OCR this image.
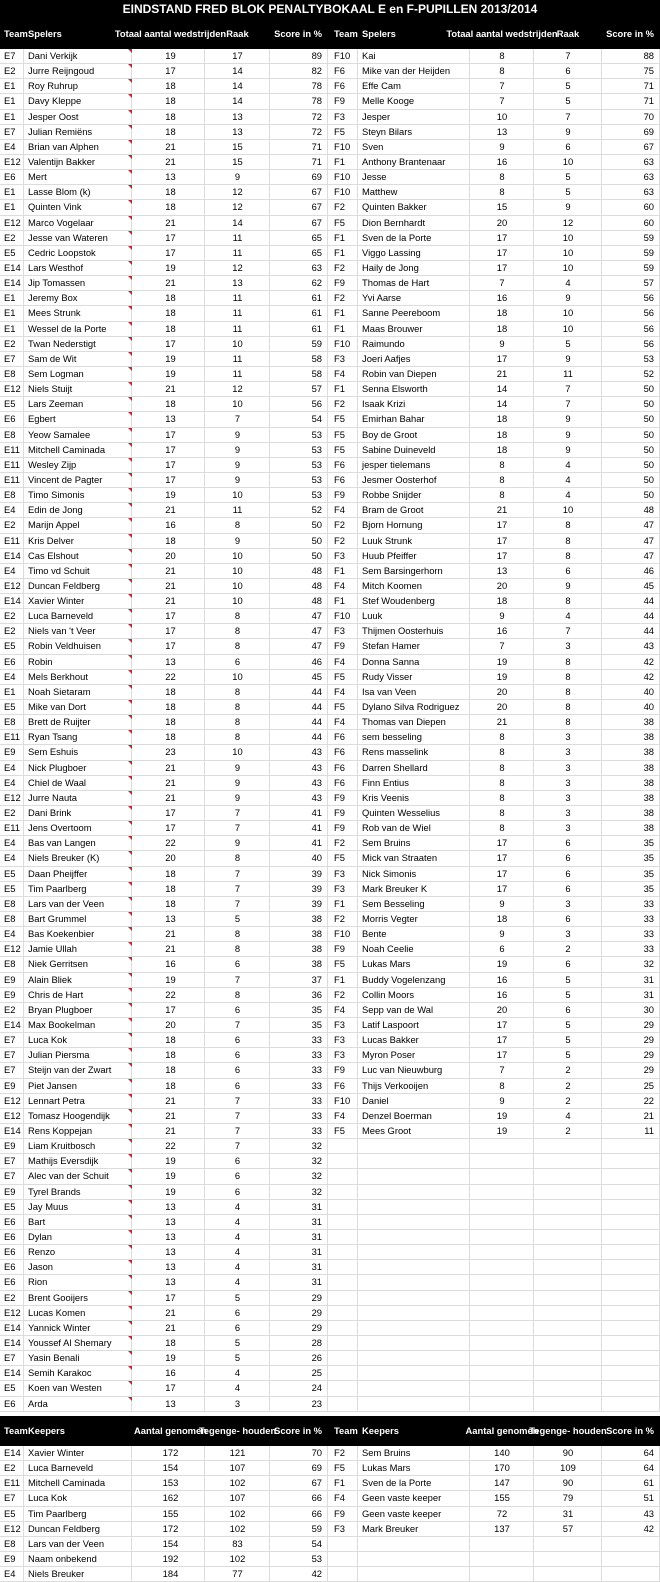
EINDSTAND FRED BLOK PENALTYBOKAAL E en F-PUPILLEN 2013/2014
Team Spelers	Totaal aantal wedstrijden Raak	Score in % Team Spelers	Totaal aantal wedstrijden Raak	Score in %
E7	Dani Verkijk	19	17	89 F10	Kai	8	7	88
E2	Jurre Reijngoud	17	14	82 F6	Mike van der Heijden	8	6	75
E1	Roy Ruhrup	18	14	78 F6	Effe Cam	7	5	71
E1	Davy Kleppe	18	14	78 F9	Melle Kooge	7	5	71
E1	Jesper Oost	18	13	72 F3	Jesper	10	7	70
E7	Julian Remiëns	18	13	72 F5	Steyn Bilars	13	9	69
E4	Brian van Alphen	21	15	71 F10	Sven	9	6	67
E12 Valentijn Bakker	21	15	71 F1	Anthony Brantenaar	16	10	63
E6	Mert	13	9	69 F10	Jesse	8	5	63
E1	Lasse Blom (k)	18	12	67 F10	Matthew	8	5	63
E1	Quinten Vink	18	12	67 F2	Quinten Bakker	15	9	60
E12 Marco Vogelaar	21	14	67 F5	Dion Bernhardt	20	12	60
E2	Jesse van Wateren	17	11	65 F1	Sven de la Porte	17	10	59
E5	Cedric Loopstok	17	11	65 F1	Viggo Lassing	17	10	59
E14 Lars Westhof	19	12	63 F2	Haily de Jong	17	10	59
E14 Jip Tomassen	21	13	62 F9	Thomas de Hart	7	4	57
E1	Jeremy Box	18	11	61 F2	Yvi Aarse	16	9	56
E1	Mees Strunk	18	11	61 F1	Sanne Peereboom	18	10	56
E1	Wessel de la Porte	18	11	61 F1	Maas Brouwer	18	10	56
E2	Twan Nederstigt	17	10	59 F10	Raimundo	9	5	56
E7	Sam de Wit	19	11	58 F3	Joeri Aafjes	17	9	53
E8	Sem Logman	19	11	58 F4	Robin van Diepen	21	11	52
E12 Niels Stuijt	21	12	57 F1	Senna Elsworth	14	7	50
E5	Lars Zeeman	18	10	56 F2	Isaak Krizi	14	7	50
E6	Egbert	13	7	54 F5	Emirhan Bahar	18	9	50
E8	Yeow Samalee	17	9	53 F5	Boy de Groot	18	9	50
E11 Mitchell Caminada	17	9	53 F5	Sabine Duineveld	18	9	50
E11 Wesley Zijp	17	9	53 F6	jesper tielemans	8	4	50
E11 Vincent de Pagter	17	9	53 F6	Jesmer Oosterhof	8	4	50
E8	Timo Simonis	19	10	53 F9	Robbe Snijder	8	4	50
E4	Edin de Jong	21	11	52 F4	Bram de Groot	21	10	48
E2	Marijn Appel	16	8	50 F2	Bjorn Hornung	17	8	47
E11 Kris Delver	18	9	50 F2	Luuk Strunk	17	8	47
E14 Cas Elshout	20	10	50 F3	Huub Pfeiffer	17	8	47
E4	Timo vd Schuit	21	10	48 F1	Sem Barsingerhorn	13	6	46
E12 Duncan Feldberg	21	10	48 F4	Mitch Koomen	20	9	45
E14 Xavier Winter	21	10	48 F1	Stef Woudenberg	18	8	44
E2	Luca Barneveld	17	8	47 F10	Luuk	9	4	44
E2	Niels van 't Veer	17	8	47 F3	Thijmen Oosterhuis	16	7	44
E5	Robin Veldhuisen	17	8	47 F9	Stefan Hamer	7	3	43
E6	Robin	13	6	46 F4	Donna Sanna	19	8	42
E4	Mels Berkhout	22	10	45 F5	Rudy Visser	19	8	42
E1	Noah Sietaram	18	8	44 F4	Isa van Veen	20	8	40
E5	Mike van Dort	18	8	44 F5	Dylano Silva Rodriguez	20	8	40
E8	Brett de Ruijter	18	8	44 F4	Thomas van Diepen	21	8	38
E11 Ryan Tsang	18	8	44 F6	sem besseling	8	3	38
E9	Sem Eshuis	23	10	43 F6	Rens masselink	8	3	38
E4	Nick Plugboer	21	9	43 F6	Darren Shellard	8	3	38
E4	Chiel de Waal	21	9	43 F6	Finn Entius	8	3	38
E12 Jurre Nauta	21	9	43 F9	Kris Veenis	8	3	38
E2	Dani Brink	17	7	41 F9	Quinten Wesselius	8	3	38
E11 Jens Overtoom	17	7	41 F9	Rob van de Wiel	8	3	38
E4	Bas van Langen	22	9	41 F2	Sem Bruins	17	6	35
E4	Niels Breuker (K)	20	8	40 F5	Mick van Straaten	17	6	35
E5	Daan Pheijffer	18	7	39 F3	Nick Simonis	17	6	35
E5	Tim Paarlberg	18	7	39 F3	Mark Breuker K	17	6	35
E8	Lars van der Veen	18	7	39 F1	Sem Besseling	9	3	33
E8	Bart Grummel	13	5	38 F2	Morris Vegter	18	6	33
E4	Bas Koekenbier	21	8	38 F10	Bente	9	3	33
E12 Jamie Ullah	21	8	38 F9	Noah Ceelie	6	2	33
E8	Niek Gerritsen	16	6	38 F5	Lukas Mars	19	6	32
E9	Alain Bliek	19	7	37 F1	Buddy Vogelenzang	16	5	31
E9	Chris de Hart	22	8	36 F2	Collin Moors	16	5	31
E2	Bryan Plugboer	17	6	35 F4	Sepp van de Wal	20	6	30
E14 Max Bookelman	20	7	35 F3	Latif Laspoort	17	5	29
E7	Luca Kok	18	6	33 F3	Lucas Bakker	17	5	29
E7	Julian Piersma	18	6	33 F3	Myron Poser	17	5	29
E7	Steijn van der Zwart	18	6	33 F9	Luc van Nieuwburg	7	2	29
E9	Piet Jansen	18	6	33 F6	Thijs Verkooijen	8	2	25
E12 Lennart Petra	21	7	33 F10	Daniel	9	2	22
E12 Tomasz Hoogendijk	21	7	33 F4	Denzel Boerman	19	4	21
E14 Rens Koppejan	21	7	33 F5	Mees Groot	19	2	11
E9	Liam Kruitbosch	22	7	32
E7	Mathijs Eversdijk	19	6	32
E7	Alec van der Schuit	19	6	32
E9	Tyrel Brands	19	6	32
E5	Jay Muus	13	4	31
E6	Bart	13	4	31
E6	Dylan	13	4	31
E6	Renzo	13	4	31
E6	Jason	13	4	31
E6	Rion	13	4	31
E2	Brent Gooijers	17	5	29
E12 Lucas Komen	21	6	29
E14 Yannick Winter	21	6	29
E14 Youssef Al Shemary	18	5	28
E7	Yasin Benali	19	5	26
E14 Semih Karakoc	16	4	25
E5	Koen van Westen	17	4	24
E6	Arda	13	3	23
Team Keepers	Aantal genomen
Tegenge- houden
Score in % Team Keepers	Aantal genomen
Tegenge- houden Score in %
E14 Xavier Winter	172	121	70 F2	Sem Bruins	140	90	64
E2	Luca Barneveld	154	107	69 F5	Lukas Mars	170	109	64
E11 Mitchell Caminada	153	102	67 F1	Sven de la Porte	147	90	61
E7	Luca Kok	162	107	66 F4	Geen vaste keeper	155	79	51
E5	Tim Paarlberg	155	102	66 F9	Geen vaste keeper	72	31	43
E12 Duncan Feldberg	172	102	59 F3	Mark Breuker	137	57	42
E8	Lars van der Veen	154	83	54
E9	Naam onbekend	192	102	53
E4	Niels Breuker	184	77	42
